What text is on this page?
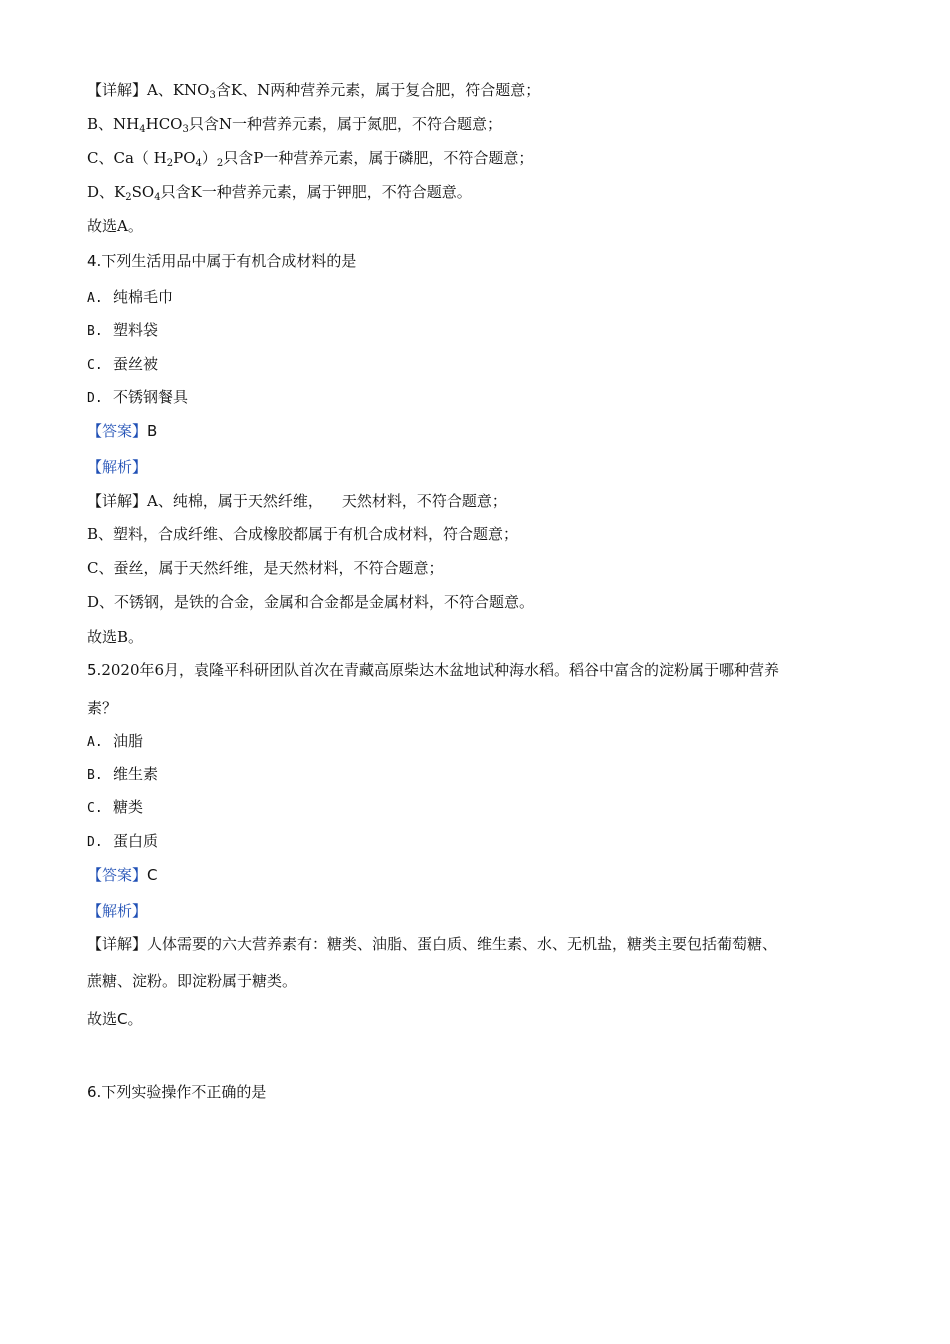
【详解】A、$KNO_3$含K、N两种营养元素，属于复合肥，符合题意；
B、$NH_4HCO_3$只含N一种营养元素，属于氮肥，不符合题意；
C、Ca（ $H_2PO_4)_2$只含P一种营养元素，属于磷肥，不符合题意；
D、$K_2SO_4$只含K一种营养元素，属于钾肥，不符合题意。
故选A。
4.下列生活用品中属于有机合成材料的是
A. 纯棉毛巾
B. 塑料袋
C. 蚕丝被
D. 不锈钢餐具
【答案】B
【解析】
【详解】A、纯棉，属于天然纤维，    天然材料，不符合题意；
B、塑料，合成纤维、合成橡胶都属于有机合成材料，符合题意；
C、蚕丝，属于天然纤维，是天然材料，不符合题意；
D、不锈钢，是铁的合金，金属和合金都是金属材料，不符合题意。
故选B。
5.2020年6月，袁隆平科研团队首次在青藏高原柴达木盆地试种海水稻。稻谷中富含的淀粉属于哪种营养
素？
A. 油脂
B. 维生素
C. 糖类
D. 蛋白质
【答案】C
【解析】
【详解】人体需要的六大营养素有：糖类、油脂、蛋白质、维生素、水、无机盐，糖类主要包括葡萄糖、
蔗糖、淀粉。即淀粉属于糖类。
故选C。
6.下列实验操作不正确的是
